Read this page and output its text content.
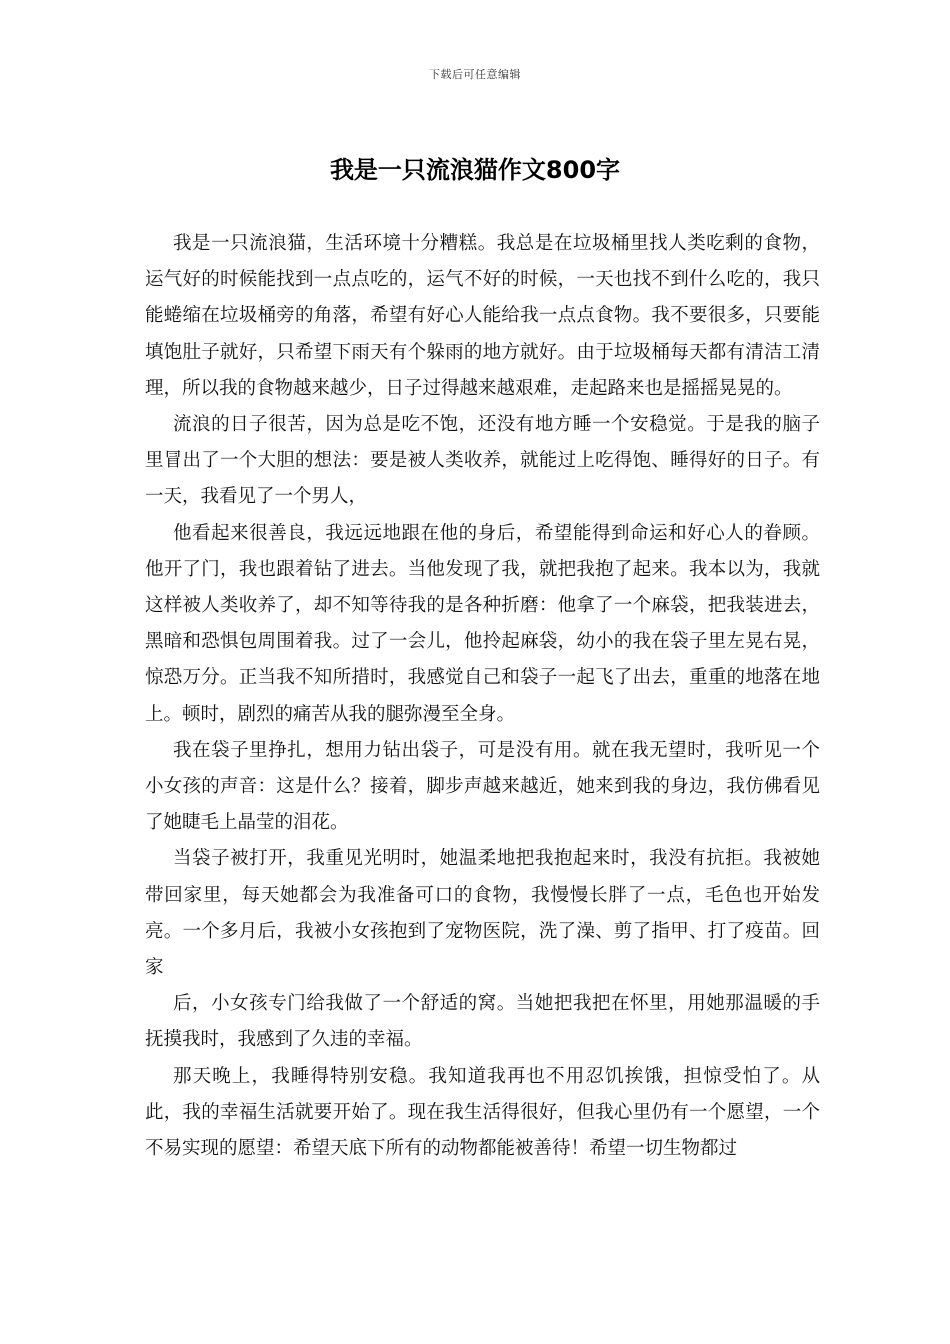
下载后可任意编辑
我是一只流浪猫作文800字

我是一只流浪猫，生活环境十分糟糕。我总是在垃圾桶里找人类吃剩的食物，运气好的时候能找到一点点吃的，运气不好的时候，一天也找不到什么吃的，我只能蜷缩在垃圾桶旁的角落，希望有好心人能给我一点点食物。我不要很多，只要能填饱肚子就好，只希望下雨天有个躲雨的地方就好。由于垃圾桶每天都有清洁工清理，所以我的食物越来越少，日子过得越来越艰难，走起路来也是摇摇晃晃的。

流浪的日子很苦，因为总是吃不饱，还没有地方睡一个安稳觉。于是我的脑子里冒出了一个大胆的想法：要是被人类收养，就能过上吃得饱、睡得好的日子。有一天，我看见了一个男人，

他看起来很善良，我远远地跟在他的身后，希望能得到命运和好心人的眷顾。他开了门，我也跟着钻了进去。当他发现了我，就把我抱了起来。我本以为，我就这样被人类收养了，却不知等待我的是各种折磨：他拿了一个麻袋，把我装进去，黑暗和恐惧包周围着我。过了一会儿，他拎起麻袋，幼小的我在袋子里左晃右晃，惊恐万分。正当我不知所措时，我感觉自己和袋子一起飞了出去，重重的地落在地上。顿时，剧烈的痛苦从我的腿弥漫至全身。

我在袋子里挣扎，想用力钻出袋子，可是没有用。就在我无望时，我听见一个小女孩的声音：这是什么？接着，脚步声越来越近，她来到我的身边，我仿佛看见了她睫毛上晶莹的泪花。

当袋子被打开，我重见光明时，她温柔地把我抱起来时，我没有抗拒。我被她带回家里，每天她都会为我准备可口的食物，我慢慢长胖了一点，毛色也开始发亮。一个多月后，我被小女孩抱到了宠物医院，洗了澡、剪了指甲、打了疫苗。回家

后，小女孩专门给我做了一个舒适的窝。当她把我把在怀里，用她那温暖的手抚摸我时，我感到了久违的幸福。

那天晚上，我睡得特别安稳。我知道我再也不用忍饥挨饿，担惊受怕了。从此，我的幸福生活就要开始了。现在我生活得很好，但我心里仍有一个愿望，一个不易实现的愿望：希望天底下所有的动物都能被善待！希望一切生物都过
